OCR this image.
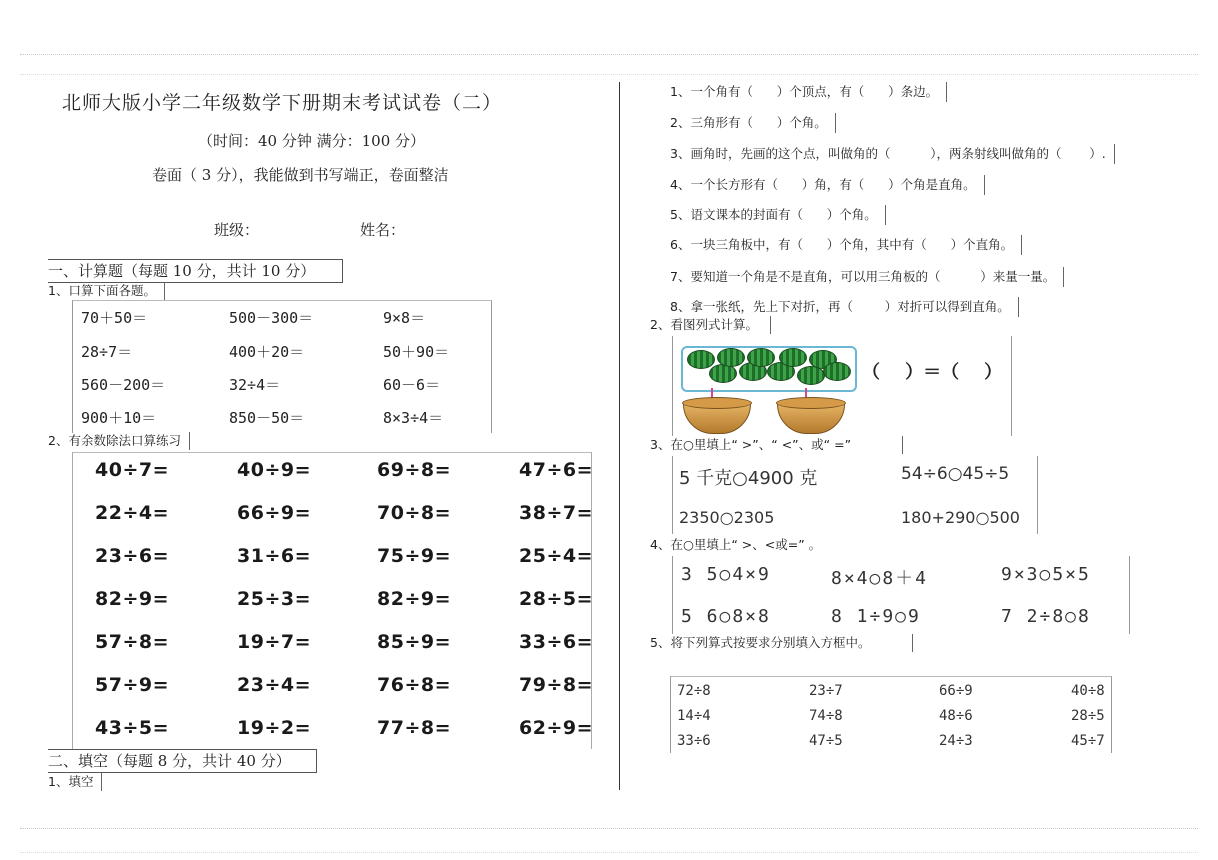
北师大版小学二年级数学下册期末考试试卷（二）
（时间：40 分钟 满分：100 分）
卷面（ 3 分），我能做到书写端正，卷面整洁
班级：	姓名：
一、计算题（每题 10 分，共计 10 分）
1、口算下面各题。
70＋50＝	500－300＝	9×8＝
28÷7＝	400＋20＝	50＋90＝
560－200＝	32÷4＝	60－6＝
900＋10＝	850－50＝	8×3÷4＝
2、有余数除法口算练习
40÷7=	40÷9=	69÷8=	47÷6=
22÷4=	66÷9=	70÷8=	38÷7=
23÷6=	31÷6=	75÷9=	25÷4=
82÷9=	25÷3=	82÷9=	28÷5=
57÷8=	19÷7=	85÷9=	33÷6=
57÷9=	23÷4=	76÷8=	79÷8=
43÷5=	19÷2=	77÷8=	62÷9=
二、填空（每题 8 分，共计 40 分）
1、填空
1、一个角有（      ）个顶点，有（      ）条边。
2、三角形有（      ）个角。
3、画角时，先画的这个点，叫做角的（          ），两条射线叫做角的（       ）.
4、一个长方形有（      ）角，有（      ）个角是直角。
5、语文课本的封面有（      ）个角。
6、一块三角板中，有（      ）个角，其中有（      ）个直角。
7、要知道一个角是不是直角，可以用三角板的（          ）来量一量。
8、拿一张纸，先上下对折，再（        ）对折可以得到直角。
2、看图列式计算。
（    ）＝（    ）
3、在○里填上“ >”、“ <”、或“ =”
5 千克○4900 克	54÷6○45÷5
2350○2305	180+290○500
4、在○里填上“ >、<或=” 。
3 5○4×9	8×4○8＋4	9×3○5×5
5 6○8×8	8 1÷9○9	7 2÷8○8
5、将下列算式按要求分别填入方框中。
72÷8	23÷7	66÷9	40÷8
14÷4	74÷8	48÷6	28÷5
33÷6	47÷5	24÷3	45÷7
